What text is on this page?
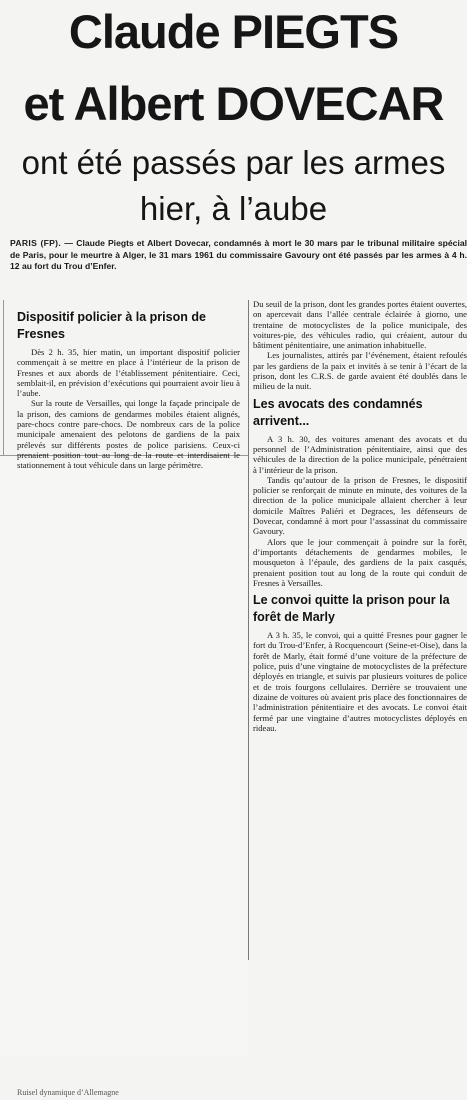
Claude PIEGTS
et Albert DOVECAR
ont été passés par les armes
hier, à l’aube

PARIS (FP). — Claude Piegts et Albert Dovecar, condamnés à mort le 30 mars par le tribunal militaire spécial de Paris, pour le meurtre à Alger, le 31 mars 1961 du commissaire Gavoury ont été passés par les armes à 4 h. 12 au fort du Trou d’Enfer.

Dispositif policier à la prison de Fresnes

Dès 2 h. 35, hier matin, un important dispositif policier commençait à se mettre en place à l’intérieur de la prison de Fresnes et aux abords de l’établissement pénitentiaire. Ceci, semblait-il, en prévision d’exécutions qui pourraient avoir lieu à l’aube.

Sur la route de Versailles, qui longe la façade principale de la prison, des camions de gendarmes mobiles étaient alignés, pare-chocs contre pare-chocs. De nombreux cars de la police municipale amenaient des pelotons de gardiens de la paix prélevés sur différents postes de police parisiens. Ceux-ci prenaient position tout au long de la route et interdisaient le stationnement à tout véhicule dans un large périmètre.

Du seuil de la prison, dont les grandes portes étaient ouvertes, on apercevait dans l’allée centrale éclairée à giorno, une trentaine de motocyclistes de la police municipale, des voitures-pie, des véhicules radio, qui créaient, autour du bâtiment pénitentiaire, une animation inhabituelle.

Les journalistes, attirés par l’événement, étaient refoulés par les gardiens de la paix et invités à se tenir à l’écart de la prison, dont les C.R.S. de garde avaient été doublés dans le milieu de la nuit.

Les avocats des condamnés arrivent...

A 3 h. 30, des voitures amenant des avocats et du personnel de l’Administration pénitentiaire, ainsi que des véhicules de la direction de la police municipale, pénétraient à l’intérieur de la prison.

Tandis qu’autour de la prison de Fresnes, le dispositif policier se renforçait de minute en minute, des voitures de la direction de la police municipale allaient chercher à leur domicile Maîtres Paliéri et Degraces, les défenseurs de Dovecar, condamné à mort pour l’assassinat du commissaire Gavoury.

Alors que le jour commençait à poindre sur la forêt, d’importants détachements de gendarmes mobiles, le mousqueton à l’épaule, des gardiens de la paix casqués, prenaient position tout au long de la route qui conduit de Fresnes à Versailles.

Le convoi quitte la prison pour la forêt de Marly

A 3 h. 35, le convoi, qui a quitté Fresnes pour gagner le fort du Trou-d’Enfer, à Rocquencourt (Seine-et-Oise), dans la forêt de Marly, était formé d’une voiture de la préfecture de police, puis d’une vingtaine de motocyclistes de la préfecture déployés en triangle, et suivis par plusieurs voitures de police et de trois fourgons cellulaires. Derrière se trouvaient une dizaine de voitures où avaient pris place des fonctionnaires de l’administration pénitentiaire et des avocats. Le convoi était fermé par une vingtaine d’autres motocyclistes déployés en rideau.

Ruisel dynamique d’Allemagne
